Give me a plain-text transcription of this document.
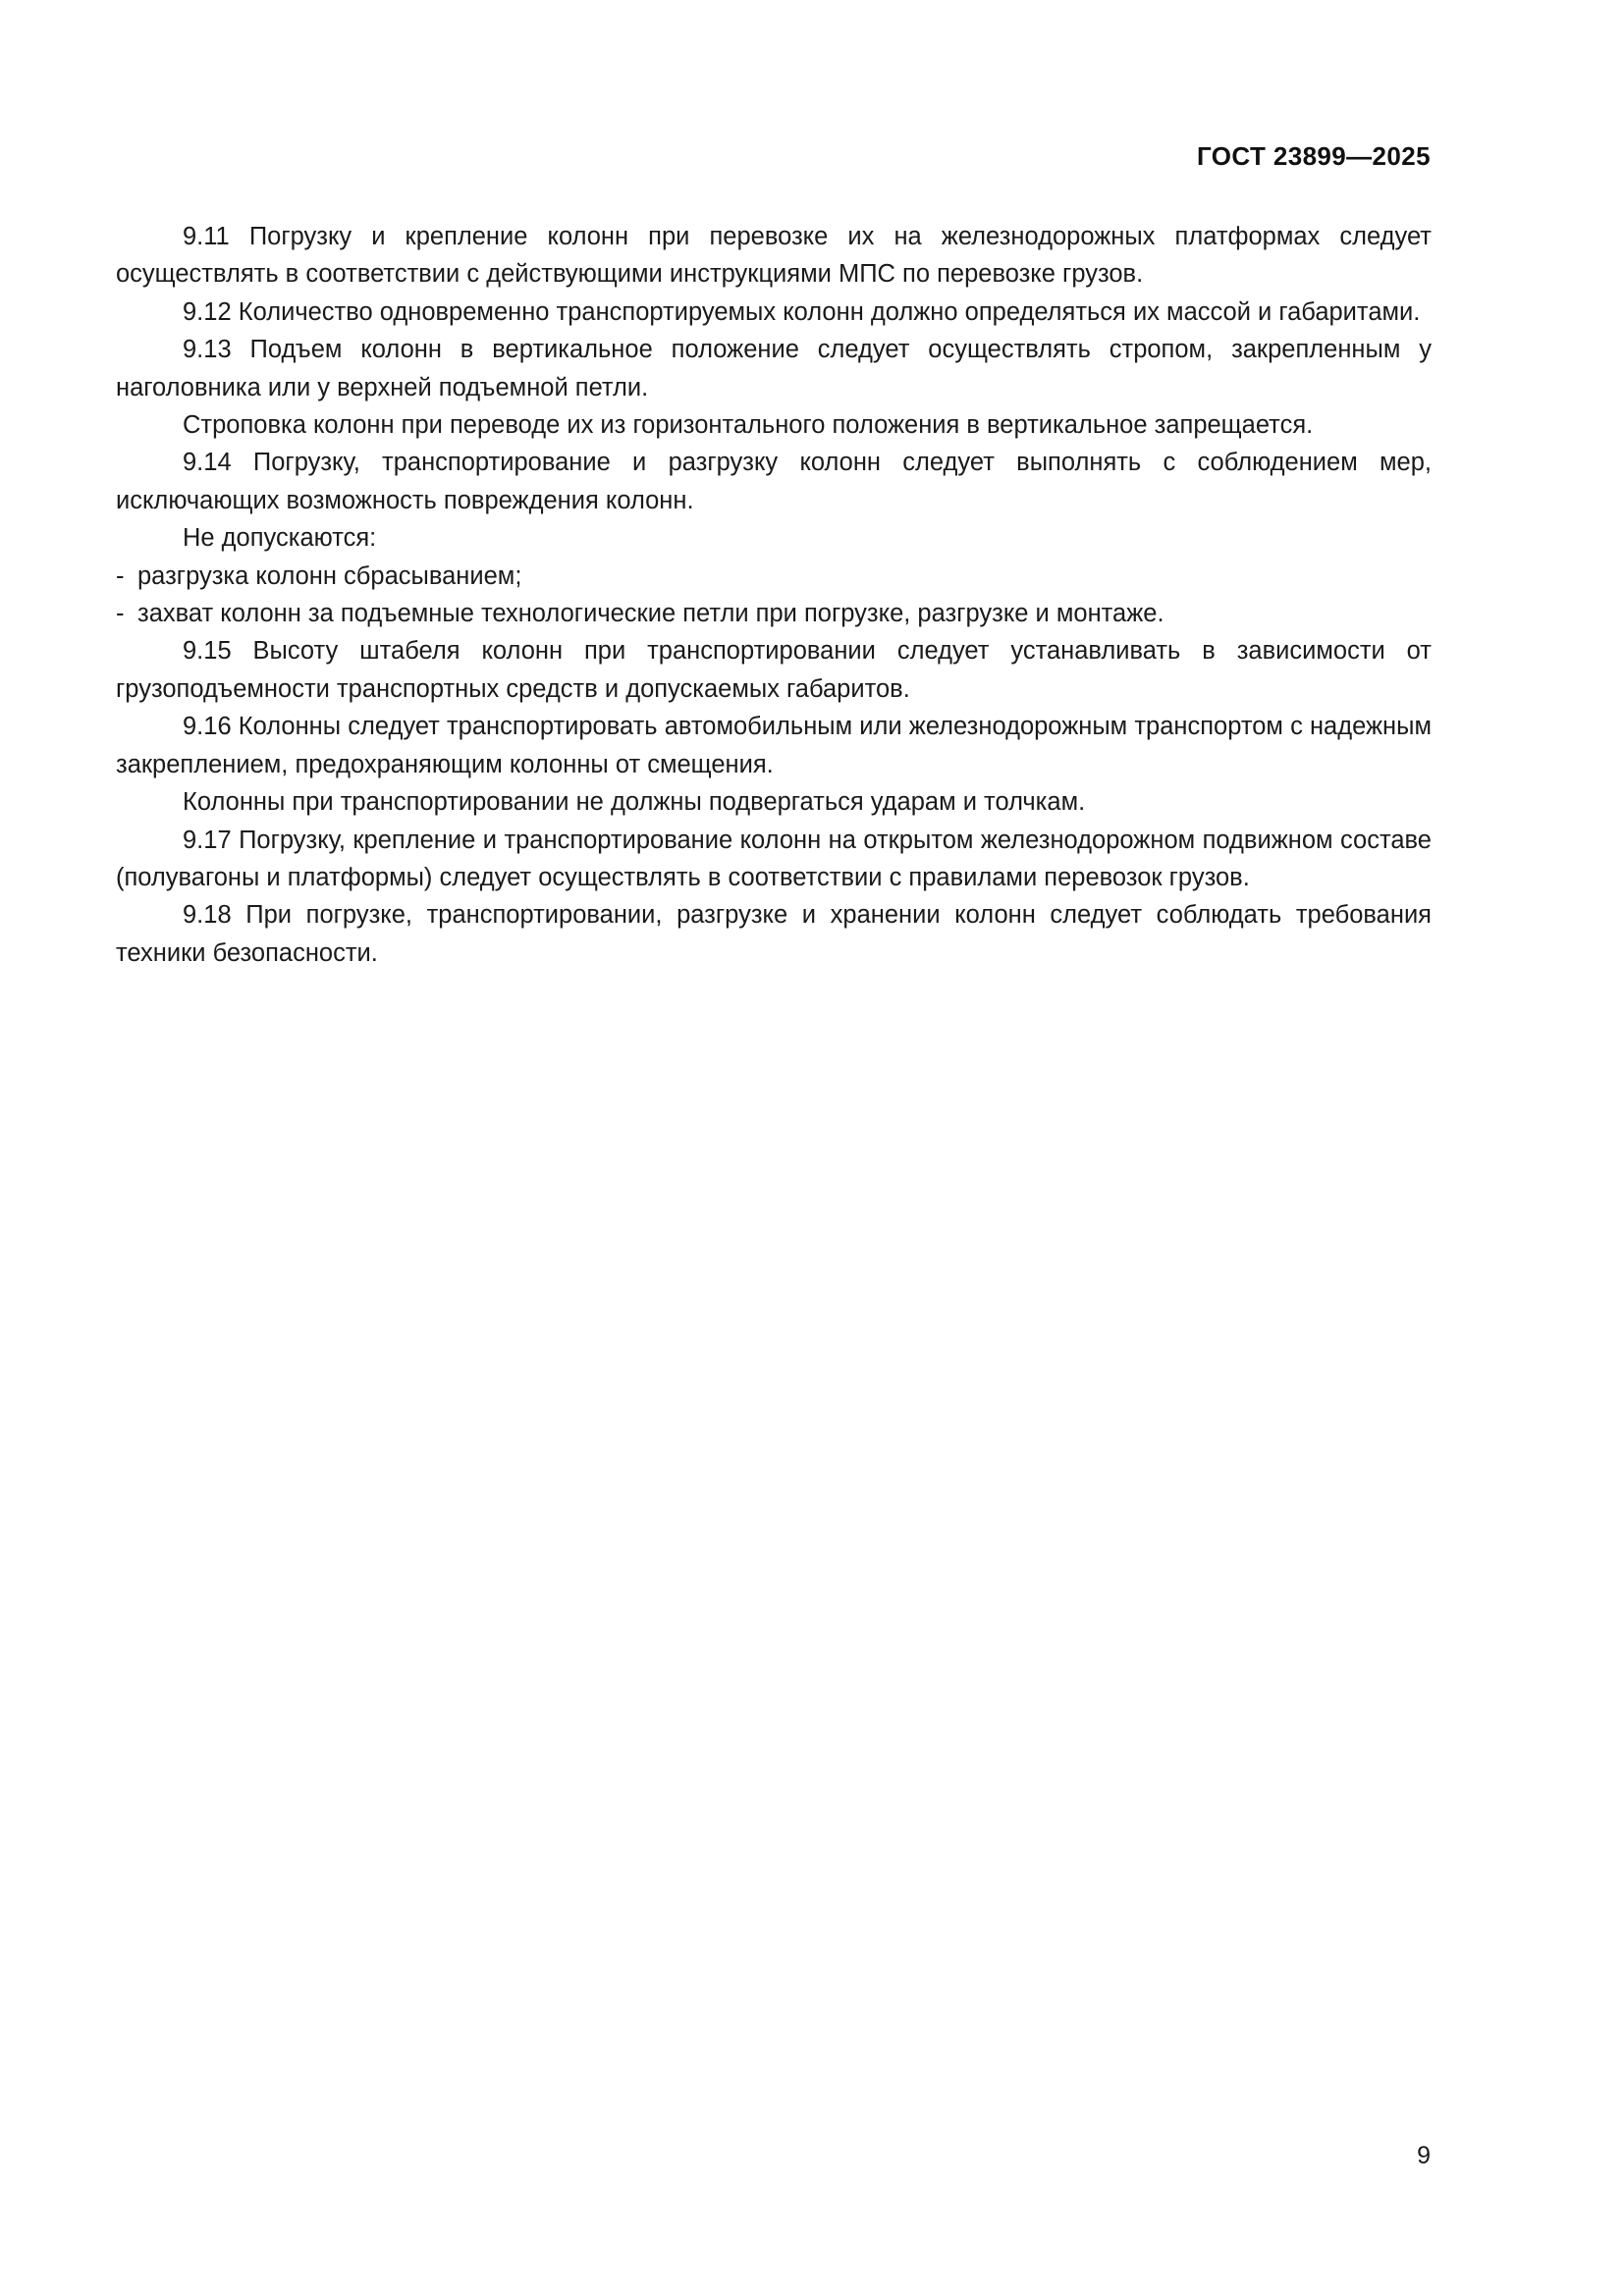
ГОСТ 23899—2025

9.11 Погрузку и крепление колонн при перевозке их на железнодорожных платформах следует осуществлять в соответствии с действующими инструкциями МПС по перевозке грузов.

9.12 Количество одновременно транспортируемых колонн должно определяться их массой и габаритами.

9.13 Подъем колонн в вертикальное положение следует осуществлять стропом, закрепленным у наголовника или у верхней подъемной петли.

Строповка колонн при переводе их из горизонтального положения в вертикальное запрещается.

9.14 Погрузку, транспортирование и разгрузку колонн следует выполнять с соблюдением мер, исключающих возможность повреждения колонн.

Не допускаются:

- разгрузка колонн сбрасыванием;

- захват колонн за подъемные технологические петли при погрузке, разгрузке и монтаже.

9.15 Высоту штабеля колонн при транспортировании следует устанавливать в зависимости от грузоподъемности транспортных средств и допускаемых габаритов.

9.16 Колонны следует транспортировать автомобильным или железнодорожным транспортом с надежным закреплением, предохраняющим колонны от смещения.

Колонны при транспортировании не должны подвергаться ударам и толчкам.

9.17 Погрузку, крепление и транспортирование колонн на открытом железнодорожном подвижном составе (полувагоны и платформы) следует осуществлять в соответствии с правилами перевозок грузов.

9.18 При погрузке, транспортировании, разгрузке и хранении колонн следует соблюдать требования техники безопасности.

9
